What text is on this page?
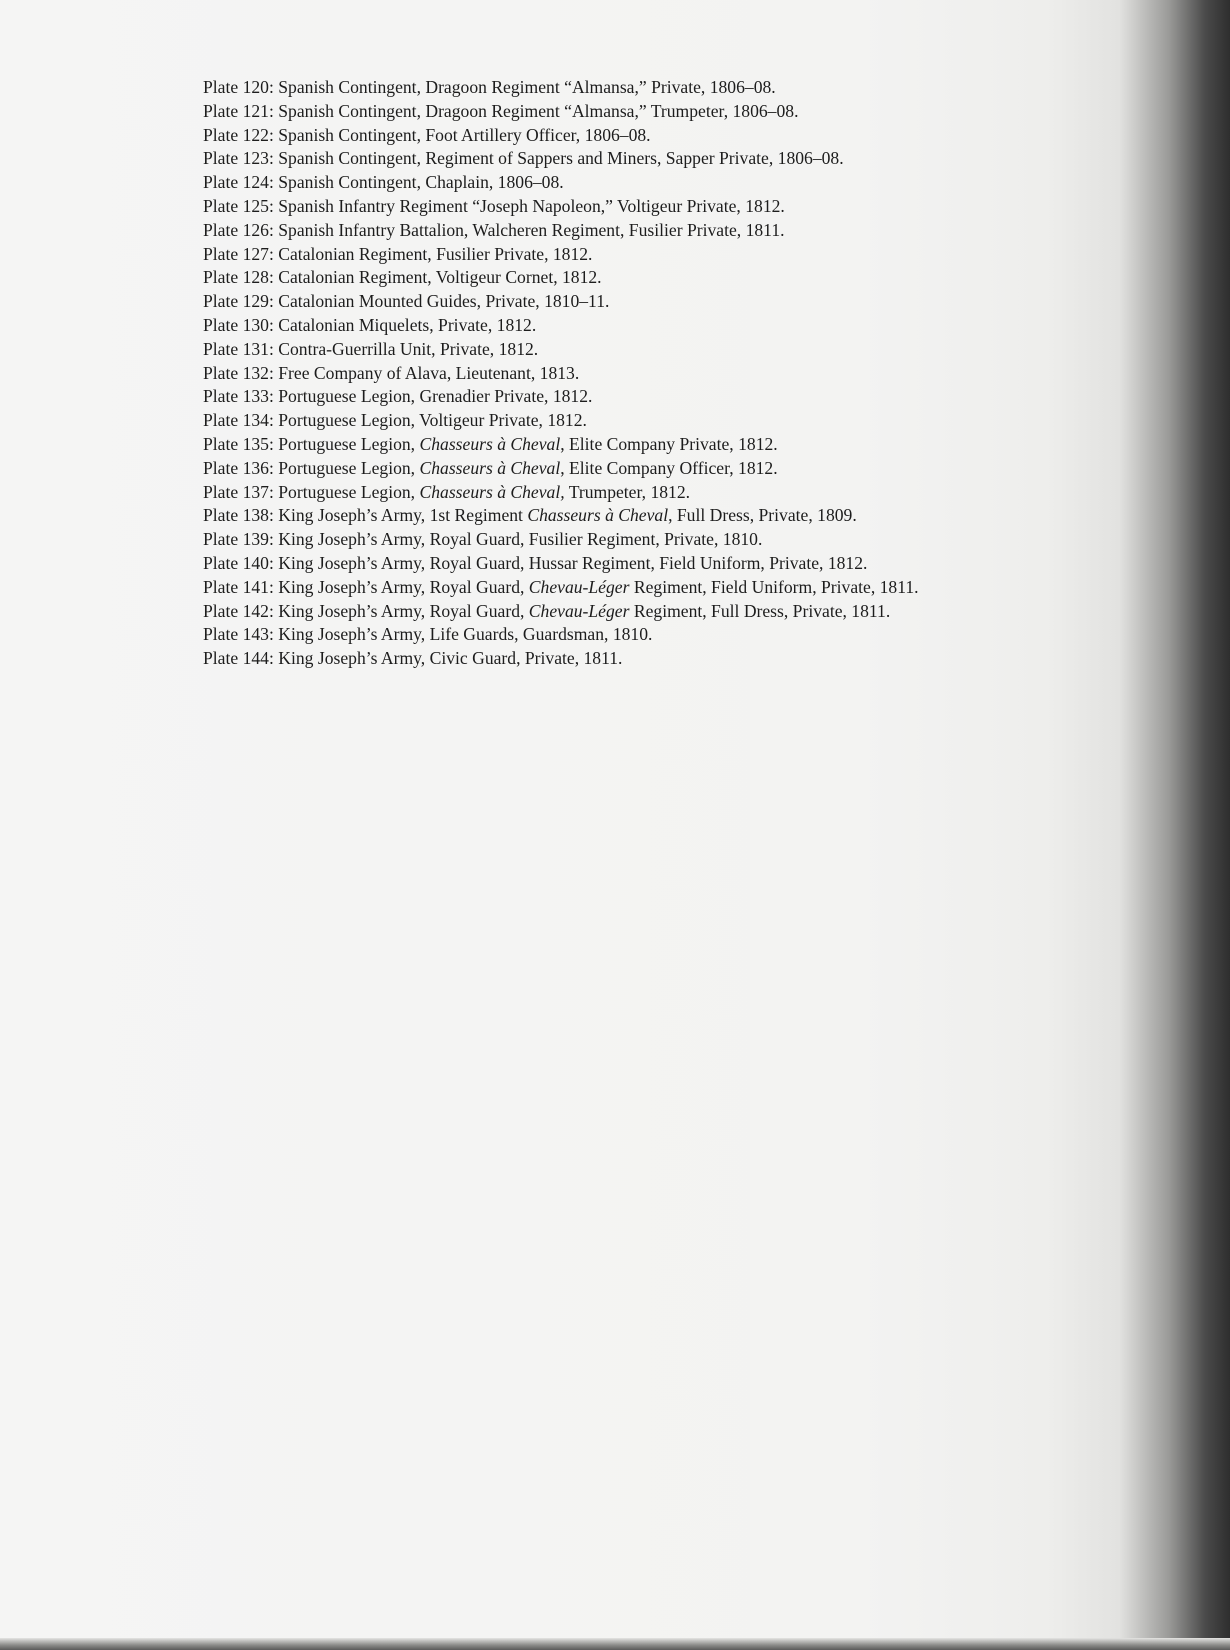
Plate 120: Spanish Contingent, Dragoon Regiment “Almansa,” Private, 1806–08.
Plate 121: Spanish Contingent, Dragoon Regiment “Almansa,” Trumpeter, 1806–08.
Plate 122: Spanish Contingent, Foot Artillery Officer, 1806–08.
Plate 123: Spanish Contingent, Regiment of Sappers and Miners, Sapper Private, 1806–08.
Plate 124: Spanish Contingent, Chaplain, 1806–08.
Plate 125: Spanish Infantry Regiment “Joseph Napoleon,” Voltigeur Private, 1812.
Plate 126: Spanish Infantry Battalion, Walcheren Regiment, Fusilier Private, 1811.
Plate 127: Catalonian Regiment, Fusilier Private, 1812.
Plate 128: Catalonian Regiment, Voltigeur Cornet, 1812.
Plate 129: Catalonian Mounted Guides, Private, 1810–11.
Plate 130: Catalonian Miquelets, Private, 1812.
Plate 131: Contra-Guerrilla Unit, Private, 1812.
Plate 132: Free Company of Alava, Lieutenant, 1813.
Plate 133: Portuguese Legion, Grenadier Private, 1812.
Plate 134: Portuguese Legion, Voltigeur Private, 1812.
Plate 135: Portuguese Legion, Chasseurs à Cheval, Elite Company Private, 1812.
Plate 136: Portuguese Legion, Chasseurs à Cheval, Elite Company Officer, 1812.
Plate 137: Portuguese Legion, Chasseurs à Cheval, Trumpeter, 1812.
Plate 138: King Joseph’s Army, 1st Regiment Chasseurs à Cheval, Full Dress, Private, 1809.
Plate 139: King Joseph’s Army, Royal Guard, Fusilier Regiment, Private, 1810.
Plate 140: King Joseph’s Army, Royal Guard, Hussar Regiment, Field Uniform, Private, 1812.
Plate 141: King Joseph’s Army, Royal Guard, Chevau-Léger Regiment, Field Uniform, Private, 1811.
Plate 142: King Joseph’s Army, Royal Guard, Chevau-Léger Regiment, Full Dress, Private, 1811.
Plate 143: King Joseph’s Army, Life Guards, Guardsman, 1810.
Plate 144: King Joseph’s Army, Civic Guard, Private, 1811.
